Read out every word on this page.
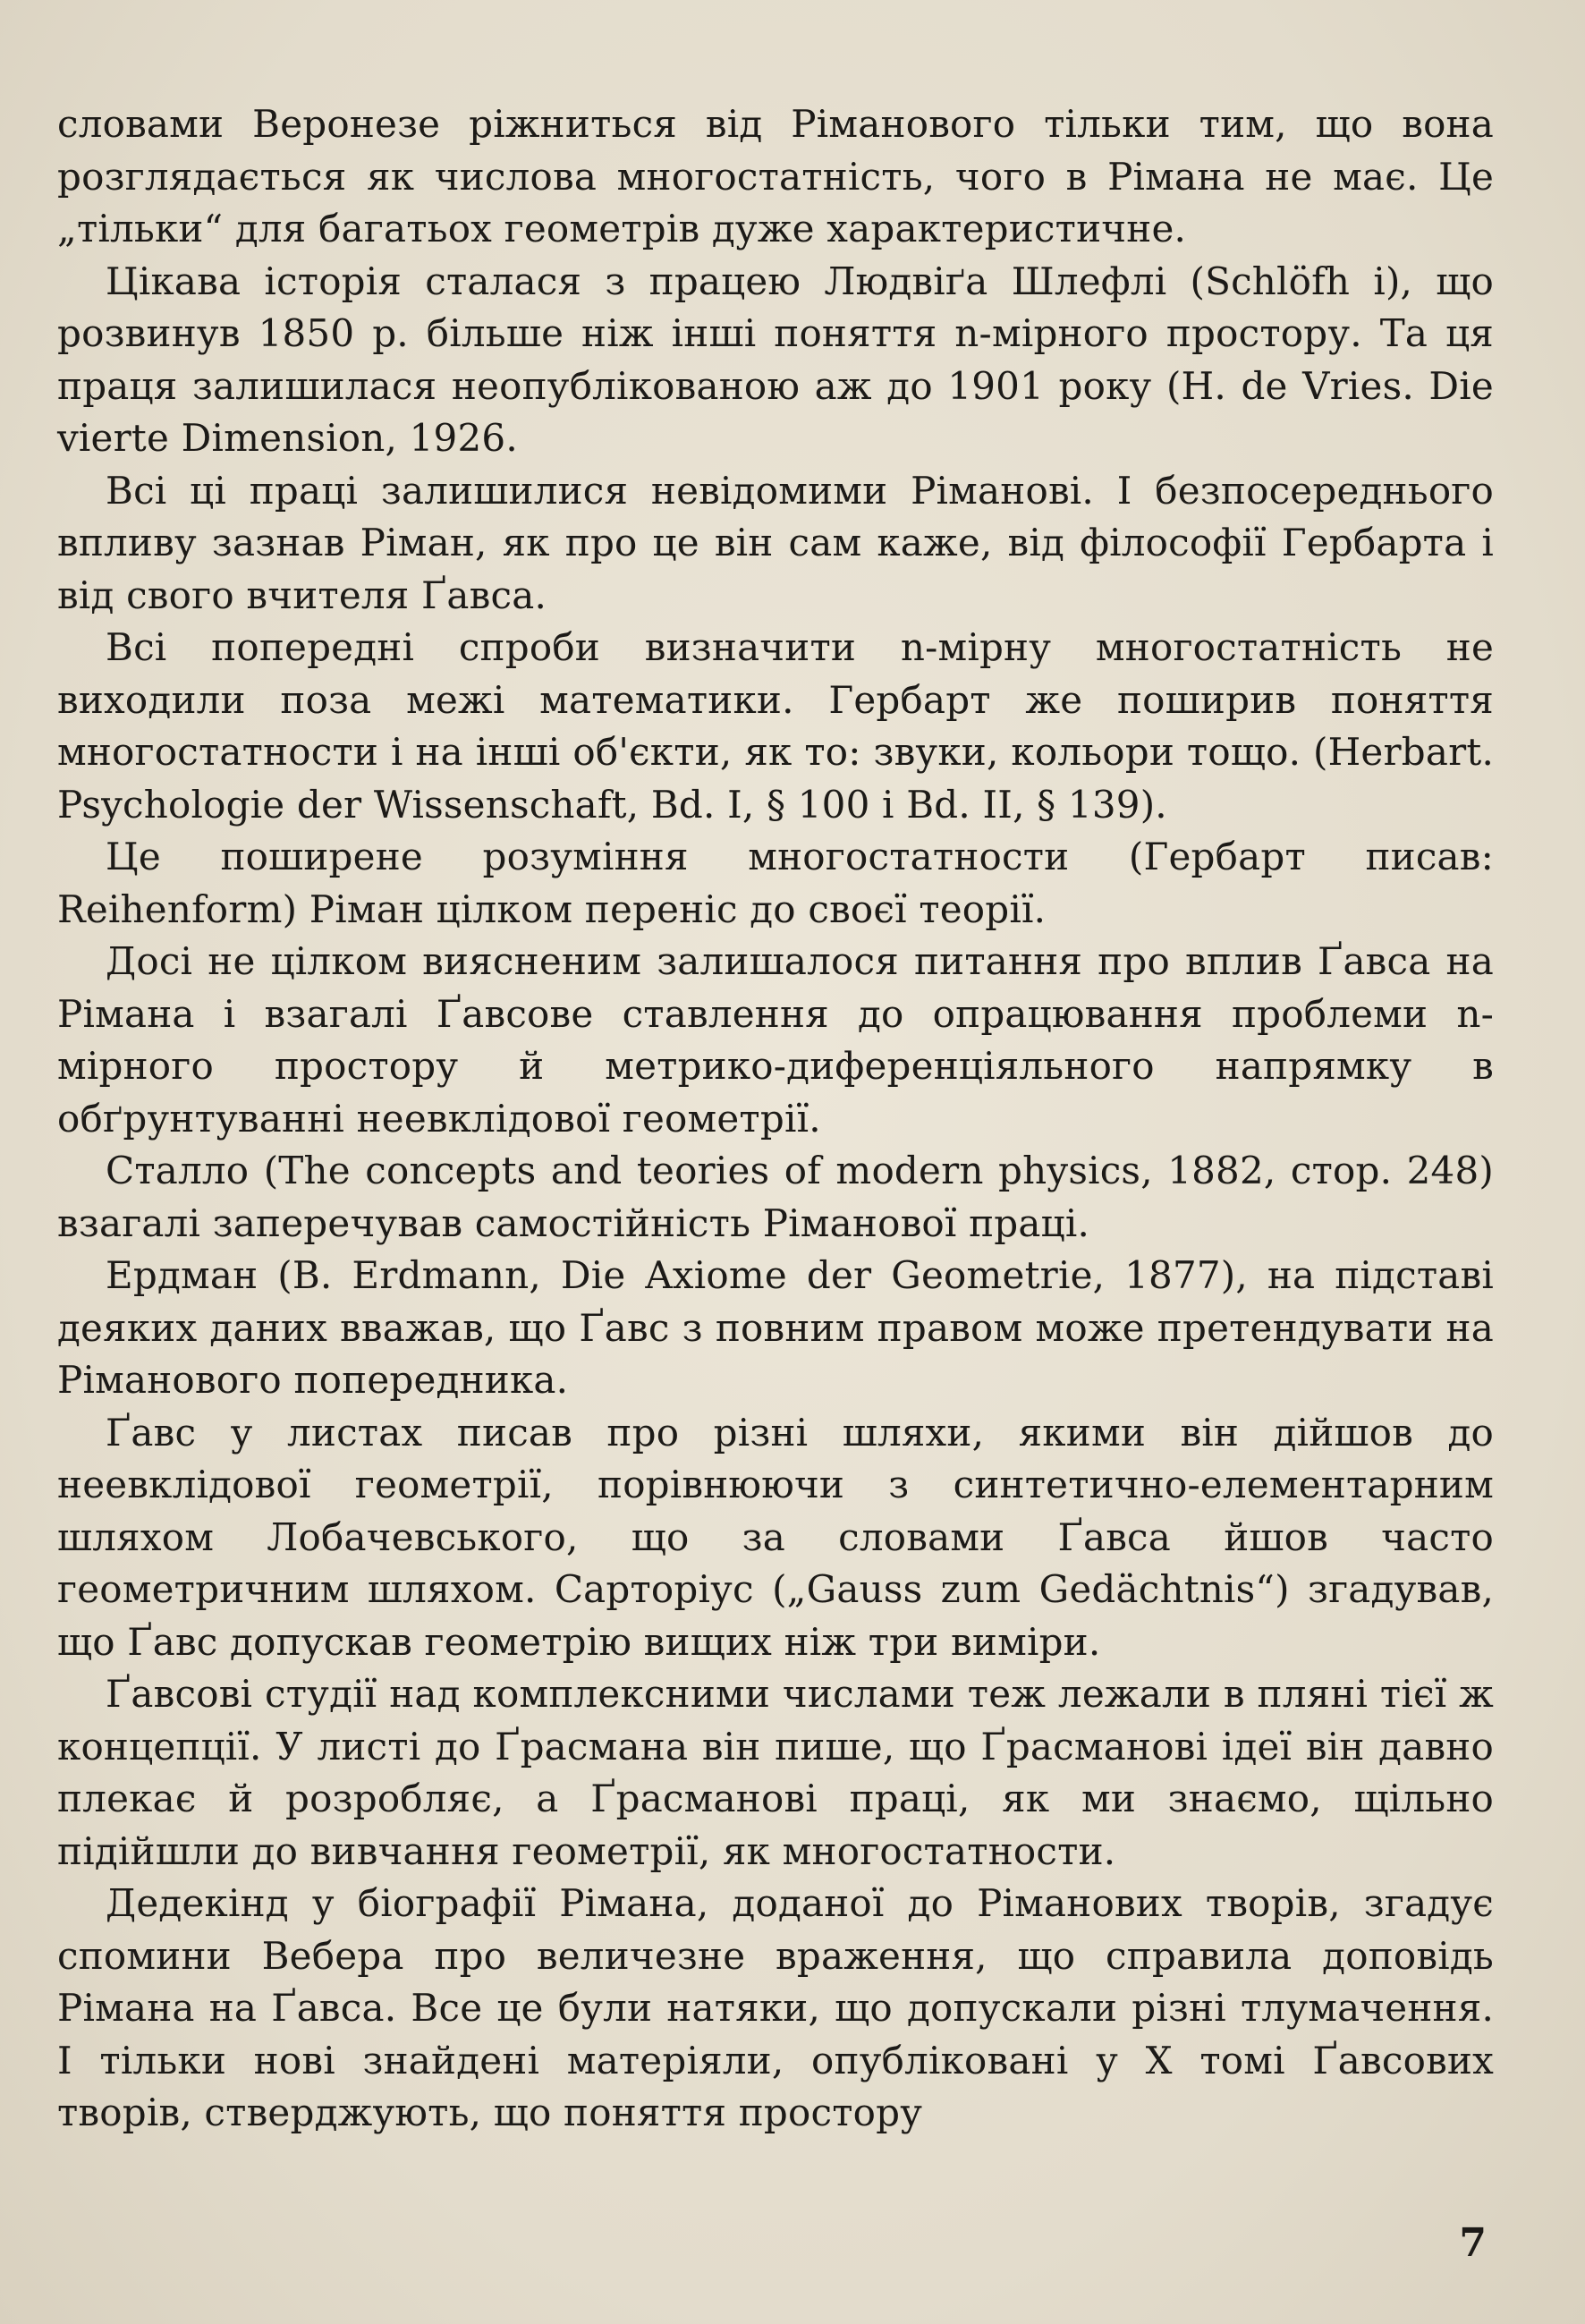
словами Веронезе ріжниться від Ріманового тільки тим, що вона розглядається як числова многостатність, чого в Рімана не має. Це „тільки“ для багатьох геометрів дуже характеристичне.

Цікава історія сталася з працею Людвіґа Шлефлі (Schlöfh i), що розвинув 1850 р. більше ніж інші поняття n-мірного простору. Та ця праця залишилася неопублікованою аж до 1901 року (H. de Vries. Die vierte Dimension, 1926.

Всі ці праці залишилися невідомими Ріманові. І безпосереднього впливу зазнав Ріман, як про це він сам каже, від філософії Гербарта і від свого вчителя Ґавса.

Всі попередні спроби визначити n-мірну многостатність не виходили поза межі математики. Гербарт же поширив поняття многостатности і на інші об'єкти, як то: звуки, кольори тощо. (Herbart. Psychologie der Wissenschaft, Bd. I, § 100 i Bd. II, § 139).

Це поширене розуміння многостатности (Гербарт писав: Reihenform) Ріман цілком переніс до своєї теорії.

Досі не цілком вияснeним залишалося питання про вплив Ґавса на Рімана і взагалі Ґавсове ставлення до опрацювання проблеми n-мірного простору й метрико-диференціяльного напрямку в обґрунтуванні неевклідової геометрії.

Сталло (The concepts and teories of modern physics, 1882, стор. 248) взагалі заперечував самостійність Ріманової праці.

Ердман (B. Erdmann, Die Axiome der Geometrie, 1877), на підставі деяких даних вважав, що Ґавс з повним правом може претендувати на Ріманового попередника.

Ґавс у листах писав про різні шляхи, якими він дійшов до неевклідової геометрії, порівнюючи з синтетично-елементарним шляхом Лобачевського, що за словами Ґавса йшов часто геометричним шляхом. Сарторіус („Gauss zum Gedächtnis“) згадував, що Ґавс допускав геометрію вищих ніж три виміри.

Ґавсові студії над комплексними числами теж лежали в пляні тієї ж концепції. У листі до Ґрасмана він пише, що Ґрасманові ідеї він давно плекає й розробляє, а Ґрасманові праці, як ми знаємо, щільно підійшли до вивчання геометрії, як многостатности.

Дедекінд у біографії Рімана, доданої до Ріманових творів, згадує спомини Вебера про величезне враження, що справила доповідь Рімана на Ґавса. Все це були натяки, що допускали різні тлумачення. І тільки нові знайдені матеріяли, опубліковані у X томі Ґавсових творів, стверджують, що поняття простору

7
